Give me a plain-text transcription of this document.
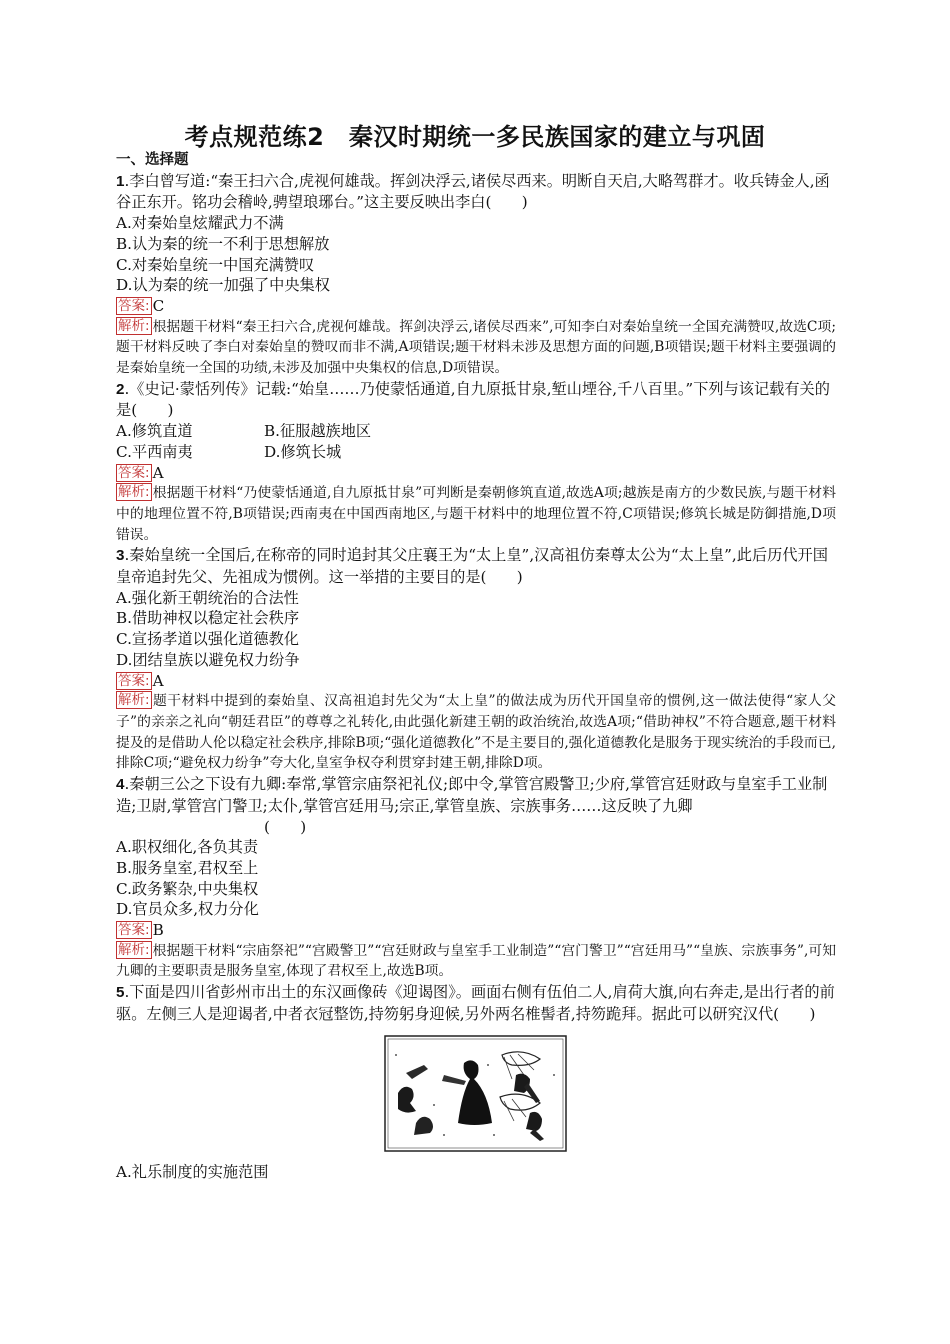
考点规范练2　秦汉时期统一多民族国家的建立与巩固

一、选择题

1.李白曾写道:“秦王扫六合,虎视何雄哉。挥剑决浮云,诸侯尽西来。明断自天启,大略驾群才。收兵铸金人,函谷正东开。铭功会稽岭,骋望琅琊台。”这主要反映出李白(　　)

A.对秦始皇炫耀武力不满

B.认为秦的统一不利于思想解放

C.对秦始皇统一中国充满赞叹

D.认为秦的统一加强了中央集权

答案: C

解析: 根据题干材料“秦王扫六合,虎视何雄哉。挥剑决浮云,诸侯尽西来”,可知李白对秦始皇统一全国充满赞叹,故选C项;题干材料反映了李白对秦始皇的赞叹而非不满,A项错误;题干材料未涉及思想方面的问题,B项错误;题干材料主要强调的是秦始皇统一全国的功绩,未涉及加强中央集权的信息,D项错误。

2.《史记·蒙恬列传》记载:“始皇……乃使蒙恬通道,自九原抵甘泉,堑山堙谷,千八百里。”下列与该记载有关的是(　　)

A.修筑直道	B.征服越族地区
C.平西南夷	D.修筑长城

答案: A

解析: 根据题干材料“乃使蒙恬通道,自九原抵甘泉”可判断是秦朝修筑直道,故选A项;越族是南方的少数民族,与题干材料中的地理位置不符,B项错误;西南夷在中国西南地区,与题干材料中的地理位置不符,C项错误;修筑长城是防御措施,D项错误。

3.秦始皇统一全国后,在称帝的同时追封其父庄襄王为“太上皇”,汉高祖仿秦尊太公为“太上皇”,此后历代开国皇帝追封先父、先祖成为惯例。这一举措的主要目的是(　　)

A.强化新王朝统治的合法性

B.借助神权以稳定社会秩序

C.宣扬孝道以强化道德教化

D.团结皇族以避免权力纷争

答案: A

解析: 题干材料中提到的秦始皇、汉高祖追封先父为“太上皇”的做法成为历代开国皇帝的惯例,这一做法使得“家人父子”的亲亲之礼向“朝廷君臣”的尊尊之礼转化,由此强化新建王朝的政治统治,故选A项;“借助神权”不符合题意,题干材料提及的是借助人伦以稳定社会秩序,排除B项;“强化道德教化”不是主要目的,强化道德教化是服务于现实统治的手段而已,排除C项;“避免权力纷争”夸大化,皇室争权夺利贯穿封建王朝,排除D项。

4.秦朝三公之下设有九卿:奉常,掌管宗庙祭祀礼仪;郎中令,掌管宫殿警卫;少府,掌管宫廷财政与皇室手工业制造;卫尉,掌管宫门警卫;太仆,掌管宫廷用马;宗正,掌管皇族、宗族事务……这反映了九卿

(　　)

A.职权细化,各负其责

B.服务皇室,君权至上

C.政务繁杂,中央集权

D.官员众多,权力分化

答案: B

解析: 根据题干材料“宗庙祭祀”“宫殿警卫”“宫廷财政与皇室手工业制造”“宫门警卫”“宫廷用马”“皇族、宗族事务”,可知九卿的主要职责是服务皇室,体现了君权至上,故选B项。

5.下面是四川省彭州市出土的东汉画像砖《迎谒图》。画面右侧有伍伯二人,肩荷大旗,向右奔走,是出行者的前驱。左侧三人是迎谒者,中者衣冠整饬,持笏躬身迎候,另外两名椎髻者,持笏跪拜。据此可以研究汉代(　　)

A.礼乐制度的实施范围
